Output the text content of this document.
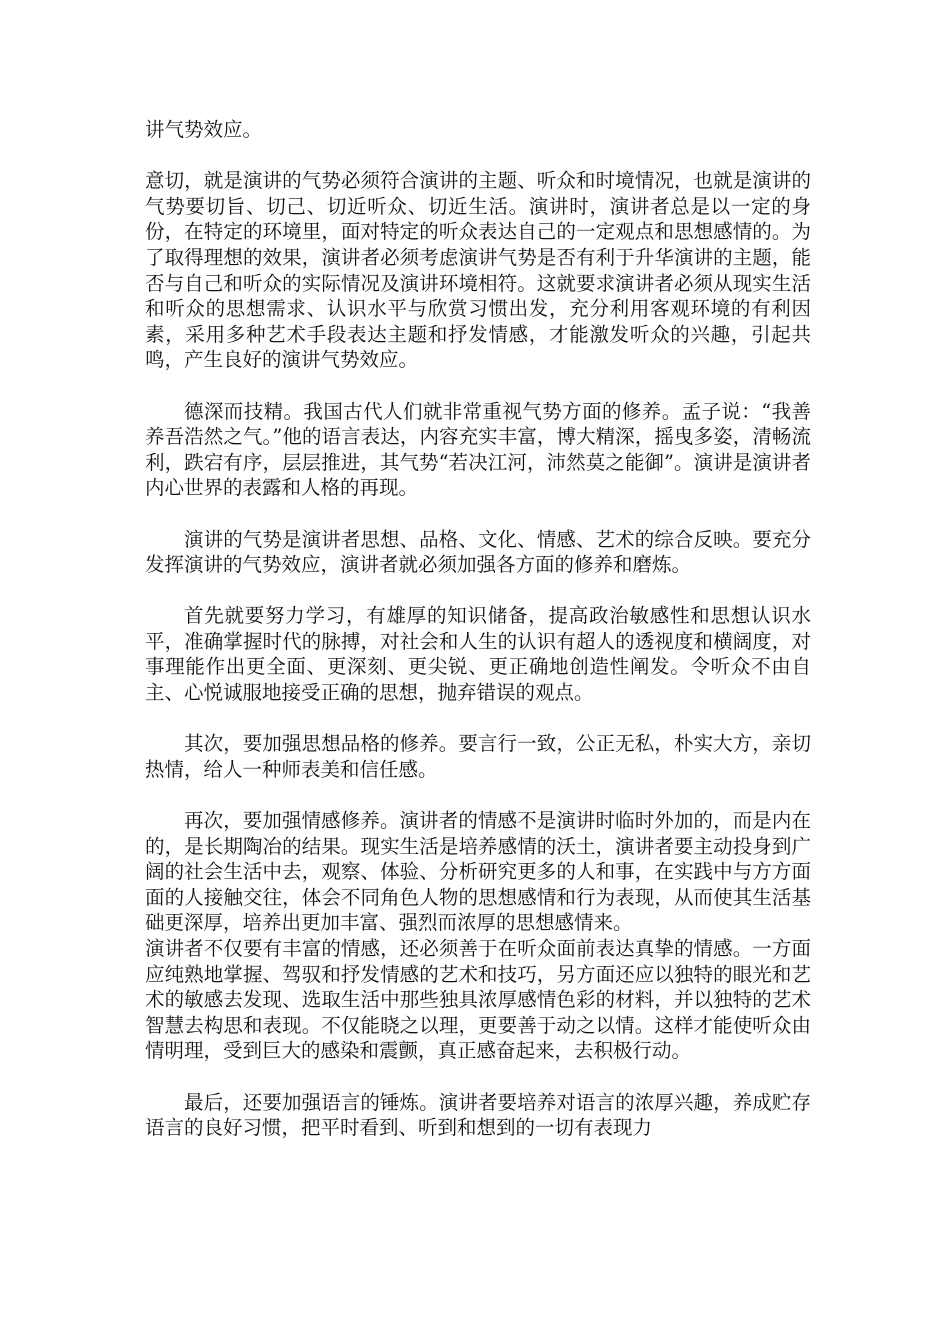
讲气势效应。

意切，就是演讲的气势必须符合演讲的主题、听众和时境情况，也就是演讲的气势要切旨、切己、切近听众、切近生活。演讲时，演讲者总是以一定的身份，在特定的环境里，面对特定的听众表达自己的一定观点和思想感情的。为了取得理想的效果，演讲者必须考虑演讲气势是否有利于升华演讲的主题，能否与自己和听众的实际情况及演讲环境相符。这就要求演讲者必须从现实生活和听众的思想需求、认识水平与欣赏习惯出发，充分利用客观环境的有利因素，采用多种艺术手段表达主题和抒发情感，才能激发听众的兴趣，引起共鸣，产生良好的演讲气势效应。

德深而技精。我国古代人们就非常重视气势方面的修养。孟子说：“我善养吾浩然之气。”他的语言表达，内容充实丰富，博大精深，摇曳多姿，清畅流利，跌宕有序，层层推进，其气势“若决江河，沛然莫之能御”。演讲是演讲者内心世界的表露和人格的再现。

演讲的气势是演讲者思想、品格、文化、情感、艺术的综合反映。要充分发挥演讲的气势效应，演讲者就必须加强各方面的修养和磨炼。

首先就要努力学习，有雄厚的知识储备，提高政治敏感性和思想认识水平，准确掌握时代的脉搏，对社会和人生的认识有超人的透视度和横阔度，对事理能作出更全面、更深刻、更尖锐、更正确地创造性阐发。令听众不由自主、心悦诚服地接受正确的思想，抛弃错误的观点。

其次，要加强思想品格的修养。要言行一致，公正无私，朴实大方，亲切热情，给人一种师表美和信任感。

再次，要加强情感修养。演讲者的情感不是演讲时临时外加的，而是内在的，是长期陶冶的结果。现实生活是培养感情的沃土，演讲者要主动投身到广阔的社会生活中去，观察、体验、分析研究更多的人和事，在实践中与方方面面的人接触交往，体会不同角色人物的思想感情和行为表现，从而使其生活基础更深厚，培养出更加丰富、强烈而浓厚的思想感情来。

演讲者不仅要有丰富的情感，还必须善于在听众面前表达真挚的情感。一方面应纯熟地掌握、驾驭和抒发情感的艺术和技巧，另方面还应以独特的眼光和艺术的敏感去发现、选取生活中那些独具浓厚感情色彩的材料，并以独特的艺术智慧去构思和表现。不仅能晓之以理，更要善于动之以情。这样才能使听众由情明理，受到巨大的感染和震颤，真正感奋起来，去积极行动。

最后，还要加强语言的锤炼。演讲者要培养对语言的浓厚兴趣，养成贮存语言的良好习惯，把平时看到、听到和想到的一切有表现力
